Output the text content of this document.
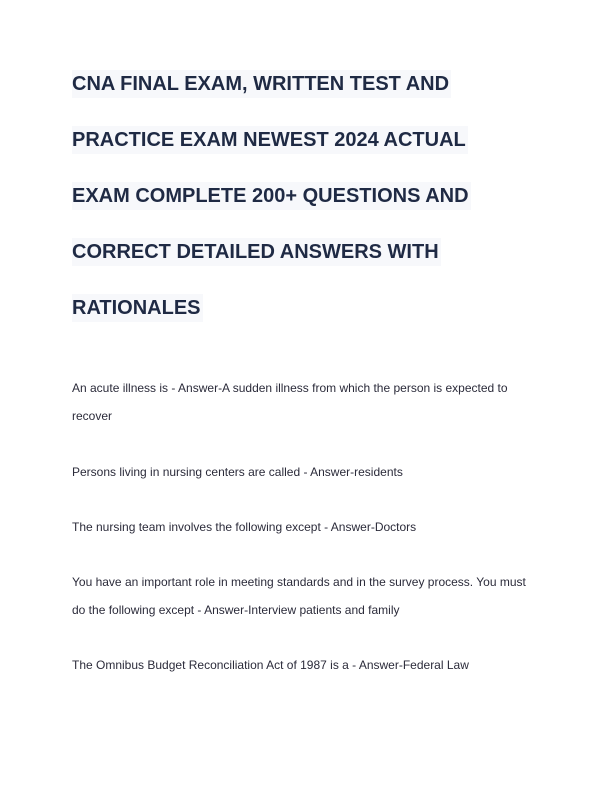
CNA FINAL EXAM, WRITTEN TEST AND
PRACTICE EXAM NEWEST 2024 ACTUAL
EXAM COMPLETE 200+ QUESTIONS AND
CORRECT DETAILED ANSWERS WITH
RATIONALES

An acute illness is - Answer-A sudden illness from which the person is expected to recover

Persons living in nursing centers are called - Answer-residents

The nursing team involves the following except - Answer-Doctors

You have an important role in meeting standards and in the survey process. You must do the following except - Answer-Interview patients and family

The Omnibus Budget Reconciliation Act of 1987 is a - Answer-Federal Law
